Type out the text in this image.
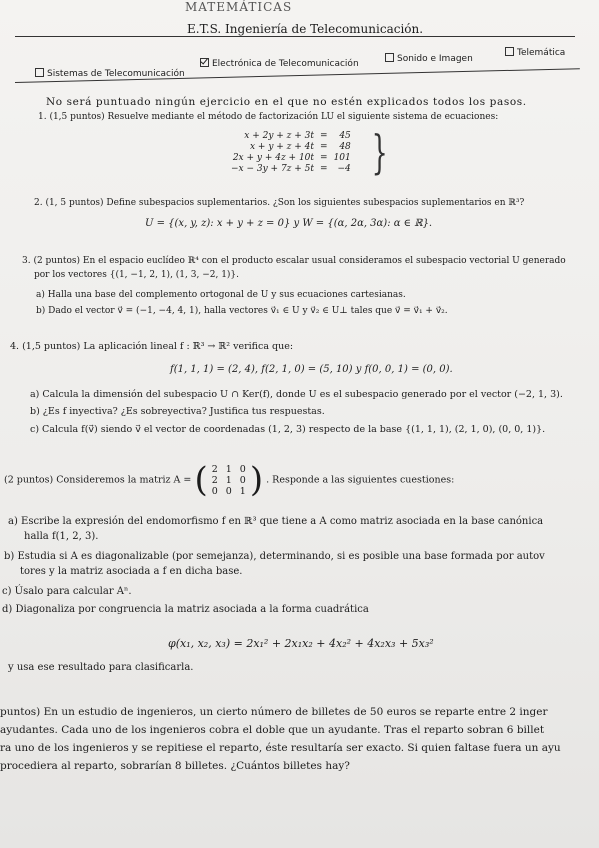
MATEMÁTICAS
E.T.S. Ingeniería de Telecomunicación.
Sistemas de Telecomunicación
Electrónica de Telecomunicación	Sonido e Imagen
Telemática
No será puntuado ningún ejercicio en el que no estén explicados todos los pasos.
1. (1,5 puntos) Resuelve mediante el método de factorización LU el siguiente sistema de ecuaciones:
x + 2y + z + 3t	=	45
x + y + z + 4t	=	48
2x + y + 4z + 10t	=	101
−x − 3y + 7z + 5t	=	−4 }
2. (1, 5 puntos) Define subespacios suplementarios. ¿Son los siguientes subespacios suplementarios en ℝ³?
U = {(x, y, z): x + y + z = 0} y W = {(α, 2α, 3α): α ∈ ℝ}.
3. (2 puntos) En el espacio euclídeo ℝ⁴ con el producto escalar usual consideramos el subespacio vectorial U generado
por los vectores {(1, −1, 2, 1), (1, 3, −2, 1)}.
a) Halla una base del complemento ortogonal de U y sus ecuaciones cartesianas.
b) Dado el vector v⃗ = (−1, −4, 4, 1), halla vectores v⃗₁ ∈ U y v⃗₂ ∈ U⊥ tales que v⃗ = v⃗₁ + v⃗₂.
4. (1,5 puntos) La aplicación lineal f : ℝ³ → ℝ² verifica que:
f(1, 1, 1) = (2, 4), f(2, 1, 0) = (5, 10) y f(0, 0, 1) = (0, 0).
a) Calcula la dimensión del subespacio U ∩ Ker(f), donde U es el subespacio generado por el vector (−2, 1, 3).
b) ¿Es f inyectiva? ¿Es sobreyectiva? Justifica tus respuestas.
c) Calcula f(v⃗) siendo v⃗ el vector de coordenadas (1, 2, 3) respecto de la base {(1, 1, 1), (2, 1, 0), (0, 0, 1)}.
(2 puntos) Consideremos la matriz A = ( 2	1	0
2	1	0
0	0	1 ) . Responde a las siguientes cuestiones:
a) Escribe la expresión del endomorfismo f en ℝ³ que tiene a A como matriz asociada en la base canónica
halla f(1, 2, 3).
b) Estudia si A es diagonalizable (por semejanza), determinando, si es posible una base formada por autov
tores y la matriz asociada a f en dicha base.
c) Úsalo para calcular Aⁿ.
d) Diagonaliza por congruencia la matriz asociada a la forma cuadrática
φ(x₁, x₂, x₃) = 2x₁² + 2x₁x₂ + 4x₂² + 4x₂x₃ + 5x₃²
y usa ese resultado para clasificarla.
puntos) En un estudio de ingenieros, un cierto número de billetes de 50 euros se reparte entre 2 inger
ayudantes. Cada uno de los ingenieros cobra el doble que un ayudante. Tras el reparto sobran 6 billet
ra uno de los ingenieros y se repitiese el reparto, éste resultaría ser exacto. Si quien faltase fuera un ayu
procediera al reparto, sobrarían 8 billetes. ¿Cuántos billetes hay?
